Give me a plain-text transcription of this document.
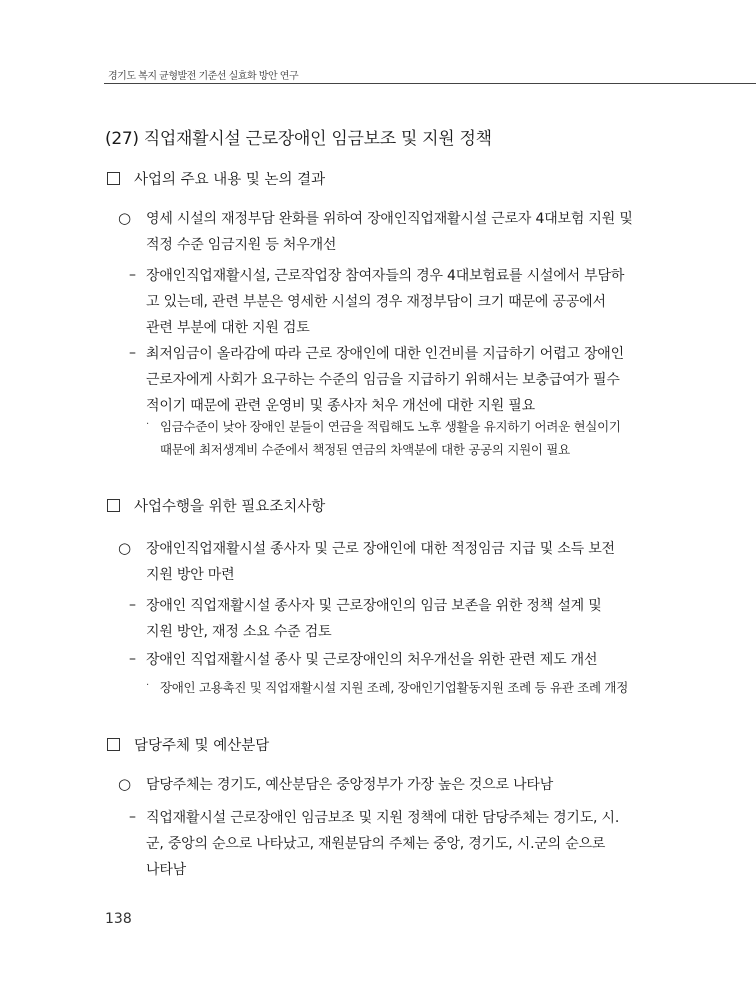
경기도 복지 균형발전 기준선 실효화 방안 연구
(27) 직업재활시설 근로장애인 임금보조 및 지원 정책
사업의 주요 내용 및 논의 결과
○ 영세 시설의 재정부담 완화를 위하여 장애인직업재활시설 근로자 4대보험 지원 및
적정 수준 임금지원 등 처우개선
– 장애인직업재활시설, 근로작업장 참여자들의 경우 4대보험료를 시설에서 부담하
고 있는데, 관련 부분은 영세한 시설의 경우 재정부담이 크기 때문에 공공에서
관련 부분에 대한 지원 검토
– 최저임금이 올라감에 따라 근로 장애인에 대한 인건비를 지급하기 어렵고 장애인
근로자에게 사회가 요구하는 수준의 임금을 지급하기 위해서는 보충급여가 필수
적이기 때문에 관련 운영비 및 종사자 처우 개선에 대한 지원 필요
· 임금수준이 낮아 장애인 분들이 연금을 적립해도 노후 생활을 유지하기 어려운 현실이기
때문에 최저생계비 수준에서 책정된 연금의 차액분에 대한 공공의 지원이 필요
사업수행을 위한 필요조치사항
○ 장애인직업재활시설 종사자 및 근로 장애인에 대한 적정임금 지급 및 소득 보전
지원 방안 마련
– 장애인 직업재활시설 종사자 및 근로장애인의 임금 보존을 위한 정책 설계 및
지원 방안, 재정 소요 수준 검토
– 장애인 직업재활시설 종사 및 근로장애인의 처우개선을 위한 관련 제도 개선
· 장애인 고용촉진 및 직업재활시설 지원 조례, 장애인기업활동지원 조례 등 유관 조례 개정
담당주체 및 예산분담
○ 담당주체는 경기도, 예산분담은 중앙정부가 가장 높은 것으로 나타남
– 직업재활시설 근로장애인 임금보조 및 지원 정책에 대한 담당주체는 경기도, 시.
군, 중앙의 순으로 나타났고, 재원분담의 주체는 중앙, 경기도, 시.군의 순으로
나타남
138
